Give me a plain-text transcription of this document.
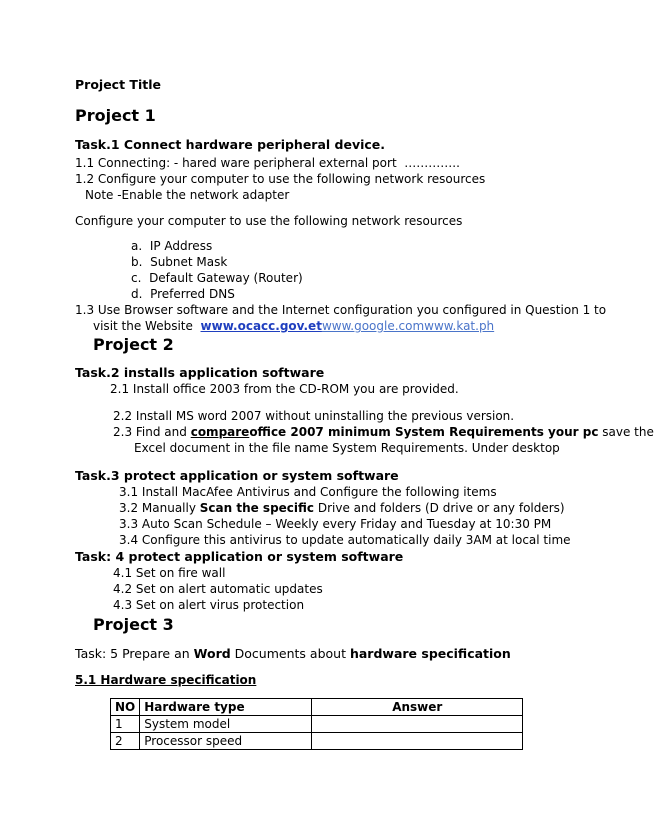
Project Title
Project 1
Task.1 Connect hardware peripheral device.
1.1 Connecting: - hared ware peripheral external port …………..
1.2 Configure your computer to use the following network resources
Note -Enable the network adapter
Configure your computer to use the following network resources
a. IP Address
b. Subnet Mask
c. Default Gateway (Router)
d. Preferred DNS
1.3 Use Browser software and the Internet configuration you configured in Question 1 to
visit the Website www.ocacc.gov.etwww.google.comwww.kat.ph
Project 2
Task.2 installs application software
2.1 Install office 2003 from the CD-ROM you are provided.
2.2 Install MS word 2007 without uninstalling the previous version.
2.3 Find and compareoffice 2007 minimum System Requirements your pc save the
Excel document in the file name System Requirements. Under desktop
Task.3 protect application or system software
3.1 Install MacAfee Antivirus and Configure the following items
3.2 Manually Scan the specific Drive and folders (D drive or any folders)
3.3 Auto Scan Schedule – Weekly every Friday and Tuesday at 10:30 PM
3.4 Configure this antivirus to update automatically daily 3AM at local time
Task: 4 protect application or system software
4.1 Set on fire wall
4.2 Set on alert automatic updates
4.3 Set on alert virus protection
Project 3
Task: 5 Prepare an Word Documents about hardware specification
5.1 Hardware specification
NO	Hardware type	Answer
1	System model	
2	Processor speed	
